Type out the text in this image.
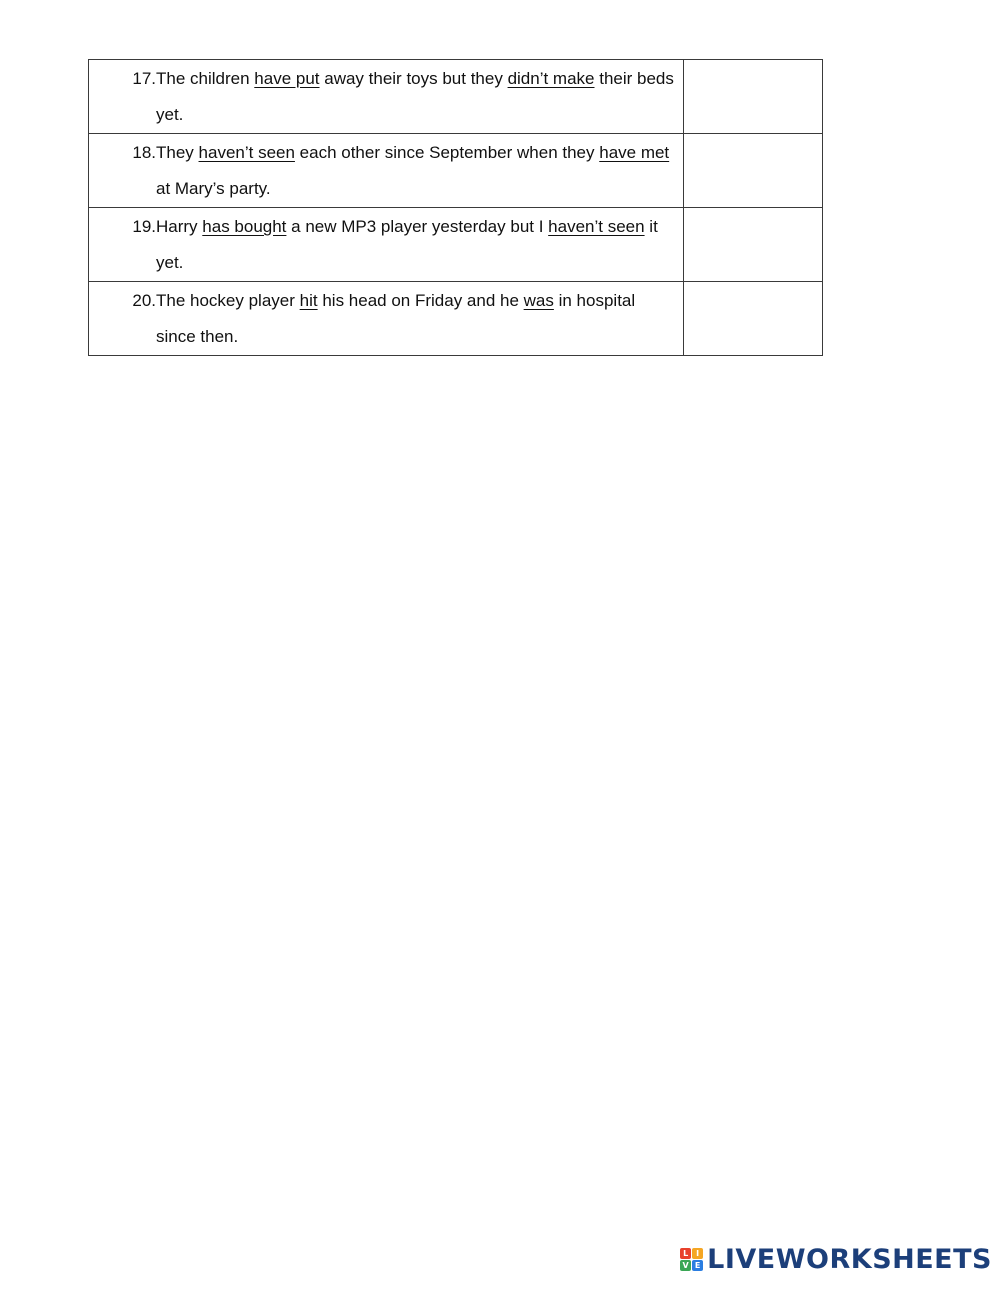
17. The children have put away their toys but they didn’t make their beds yet.	

18. They haven’t seen each other since September when they have met at Mary’s party.	

19. Harry has bought a new MP3 player yesterday but I haven’t seen it yet.	

20. The hockey player hit his head on Friday and he was in hospital since then.	

L I
V E LIVEWORKSHEETS
